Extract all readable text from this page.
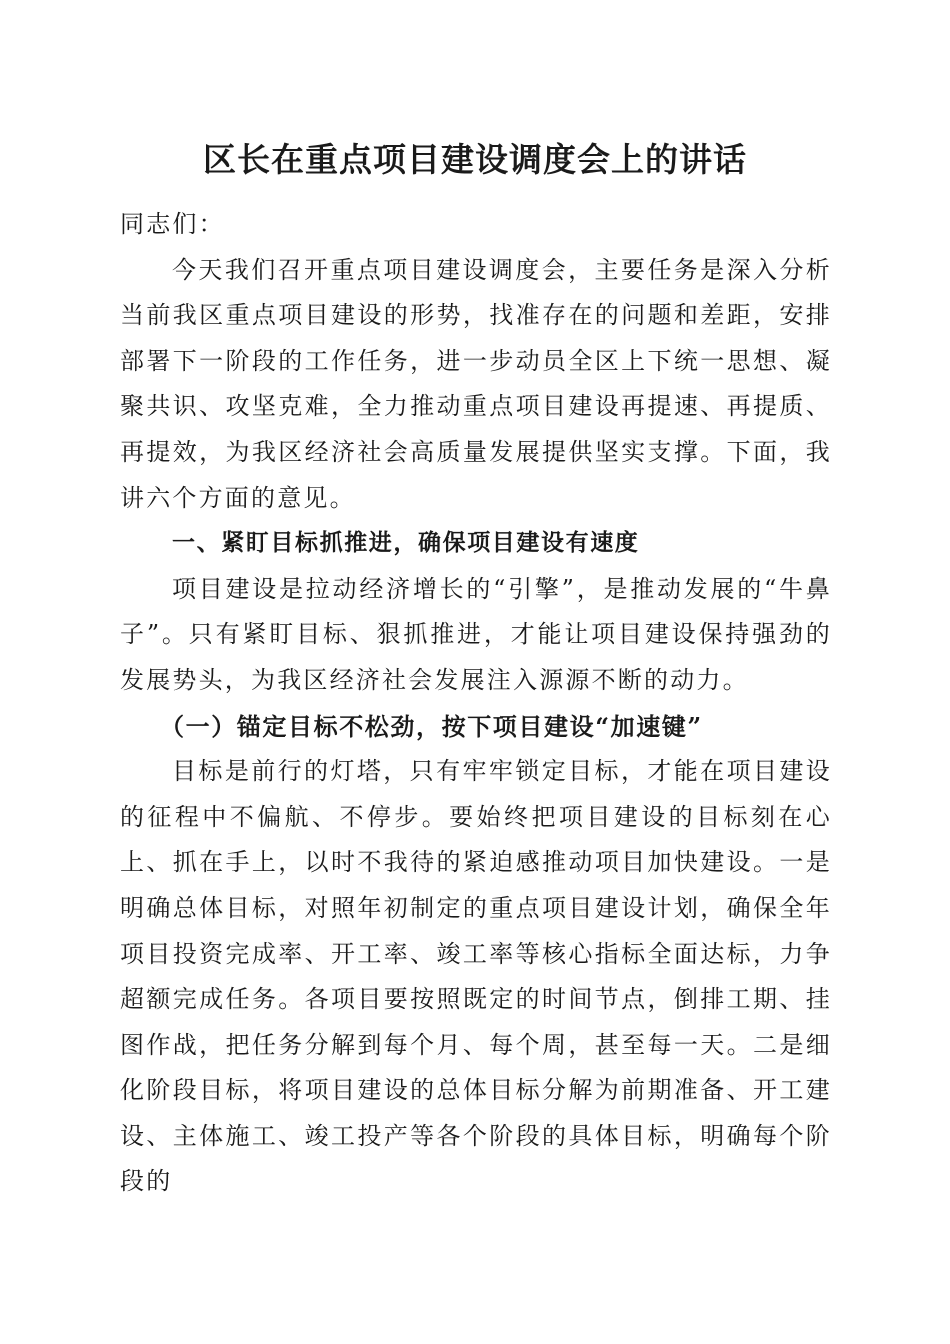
区长在重点项目建设调度会上的讲话

同志们：

今天我们召开重点项目建设调度会，主要任务是深入分析当前我区重点项目建设的形势，找准存在的问题和差距，安排部署下一阶段的工作任务，进一步动员全区上下统一思想、凝聚共识、攻坚克难，全力推动重点项目建设再提速、再提质、再提效，为我区经济社会高质量发展提供坚实支撑。下面，我讲六个方面的意见。

一、紧盯目标抓推进，确保项目建设有速度

项目建设是拉动经济增长的“引擎”，是推动发展的“牛鼻子”。只有紧盯目标、狠抓推进，才能让项目建设保持强劲的发展势头，为我区经济社会发展注入源源不断的动力。

（一）锚定目标不松劲，按下项目建设“加速键”

目标是前行的灯塔，只有牢牢锁定目标，才能在项目建设的征程中不偏航、不停步。要始终把项目建设的目标刻在心上、抓在手上，以时不我待的紧迫感推动项目加快建设。一是明确总体目标，对照年初制定的重点项目建设计划，确保全年项目投资完成率、开工率、竣工率等核心指标全面达标，力争超额完成任务。各项目要按照既定的时间节点，倒排工期、挂图作战，把任务分解到每个月、每个周，甚至每一天。二是细化阶段目标，将项目建设的总体目标分解为前期准备、开工建设、主体施工、竣工投产等各个阶段的具体目标，明确每个阶段的
